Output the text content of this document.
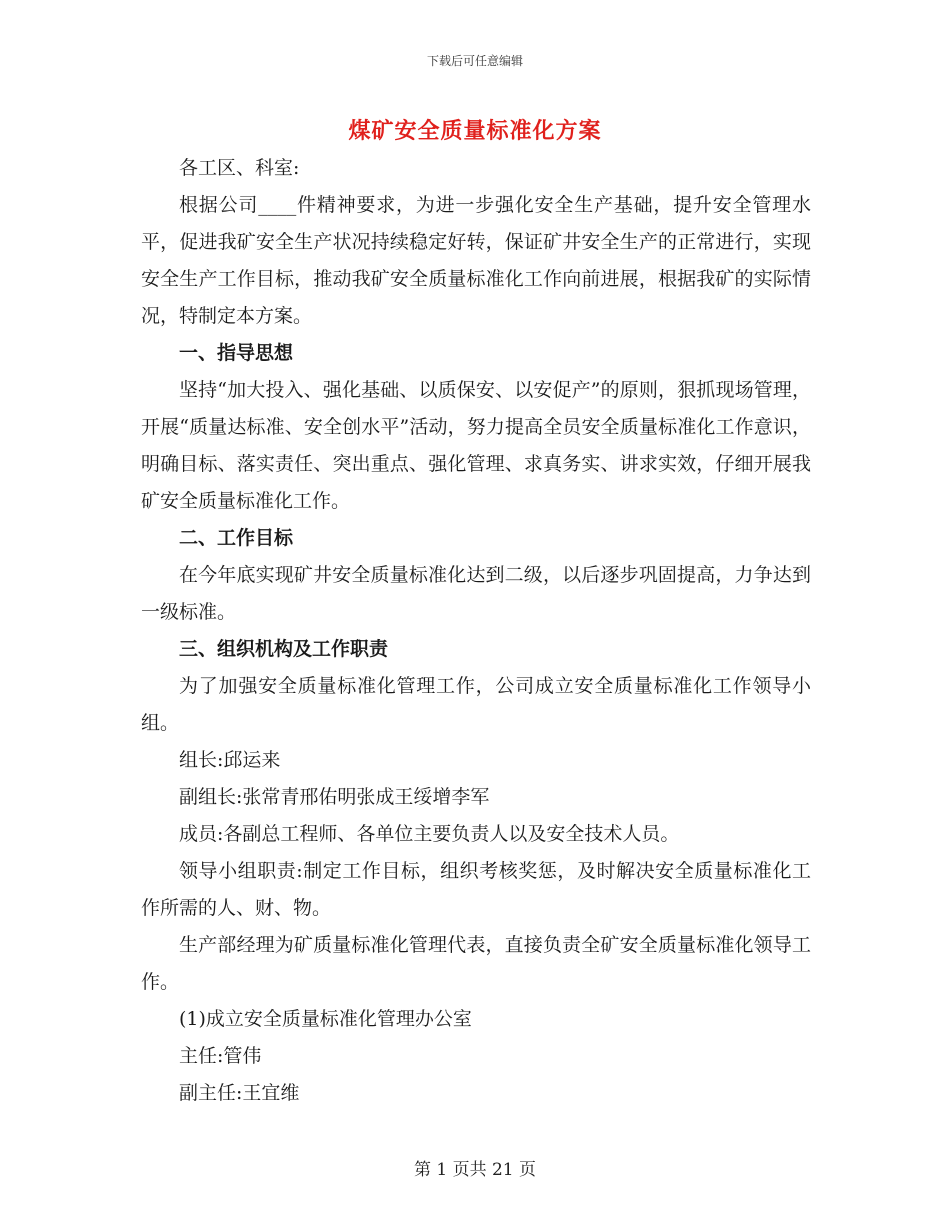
下载后可任意编辑
煤矿安全质量标准化方案

各工区、科室:

根据公司____件精神要求，为进一步强化安全生产基础，提升安全管理水平，促进我矿安全生产状况持续稳定好转，保证矿井安全生产的正常进行，实现安全生产工作目标，推动我矿安全质量标准化工作向前进展，根据我矿的实际情况，特制定本方案。

一、指导思想

坚持“加大投入、强化基础、以质保安、以安促产”的原则，狠抓现场管理，开展“质量达标准、安全创水平”活动，努力提高全员安全质量标准化工作意识，明确目标、落实责任、突出重点、强化管理、求真务实、讲求实效，仔细开展我矿安全质量标准化工作。

二、工作目标

在今年底实现矿井安全质量标准化达到二级，以后逐步巩固提高，力争达到一级标准。

三、组织机构及工作职责

为了加强安全质量标准化管理工作，公司成立安全质量标准化工作领导小组。

组长:邱运来

副组长:张常青邢佑明张成王绥增李军

成员:各副总工程师、各单位主要负责人以及安全技术人员。

领导小组职责:制定工作目标，组织考核奖惩，及时解决安全质量标准化工作所需的人、财、物。

生产部经理为矿质量标准化管理代表，直接负责全矿安全质量标准化领导工作。

(1)成立安全质量标准化管理办公室

主任:管伟

副主任:王宜维

第 1 页共 21 页
